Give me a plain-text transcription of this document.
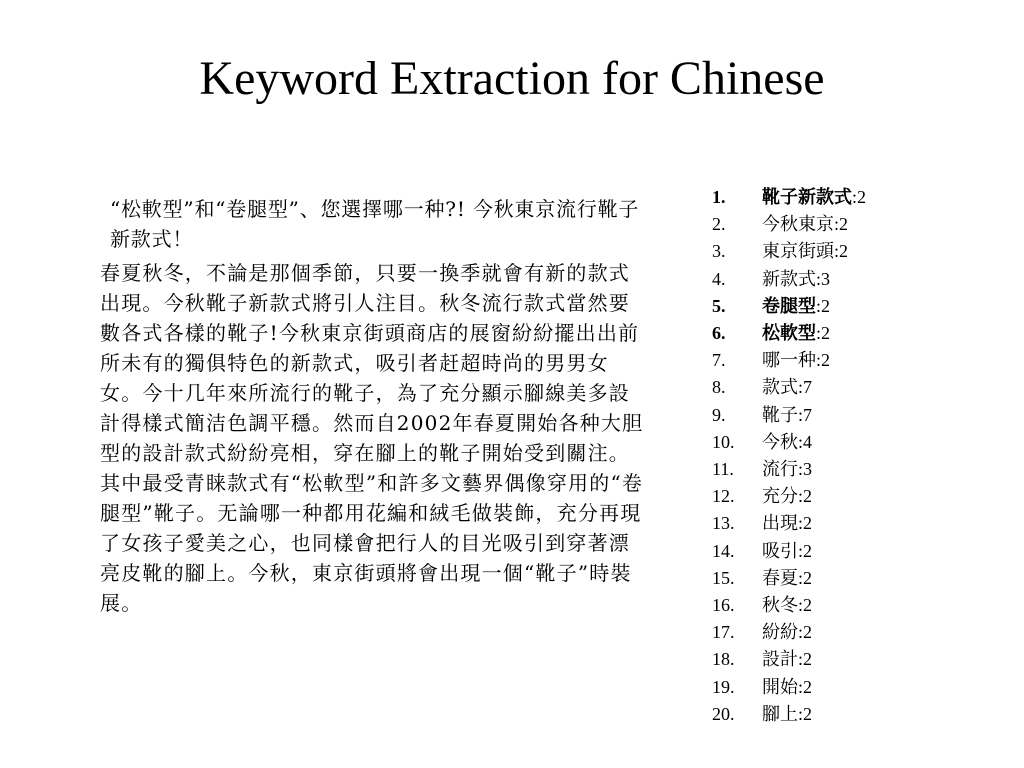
Keyword Extraction for Chinese

“松軟型”和“卷腿型”、您選擇哪一种?! 今秋東京流行靴子新款式！

春夏秋冬，不論是那個季節，只要一換季就會有新的款式出現。今秋靴子新款式將引人注目。秋冬流行款式當然要數各式各樣的靴子!今秋東京街頭商店的展窗紛紛擺出出前所未有的獨俱特色的新款式，吸引者赶超時尚的男男女女。今十几年來所流行的靴子，為了充分顯示腳線美多設計得樣式簡洁色調平穩。然而自2002年春夏開始各种大胆型的設計款式紛紛亮相，穿在腳上的靴子開始受到關注。其中最受青睐款式有“松軟型”和許多文藝界偶像穿用的“卷腿型”靴子。无論哪一种都用花編和絨毛做裝飾，充分再現了女孩子愛美之心，也同樣會把行人的目光吸引到穿著漂亮皮靴的腳上。今秋，東京街頭將會出現一個“靴子”時裝展。

1.	靴子新款式:2
2.	今秋東京:2
3.	東京街頭:2
4.	新款式:3
5.	卷腿型:2
6.	松軟型:2
7.	哪一种:2
8.	款式:7
9.	靴子:7
10.	今秋:4
11.	流行:3
12.	充分:2
13.	出現:2
14.	吸引:2
15.	春夏:2
16.	秋冬:2
17.	紛紛:2
18.	設計:2
19.	開始:2
20.	腳上:2
